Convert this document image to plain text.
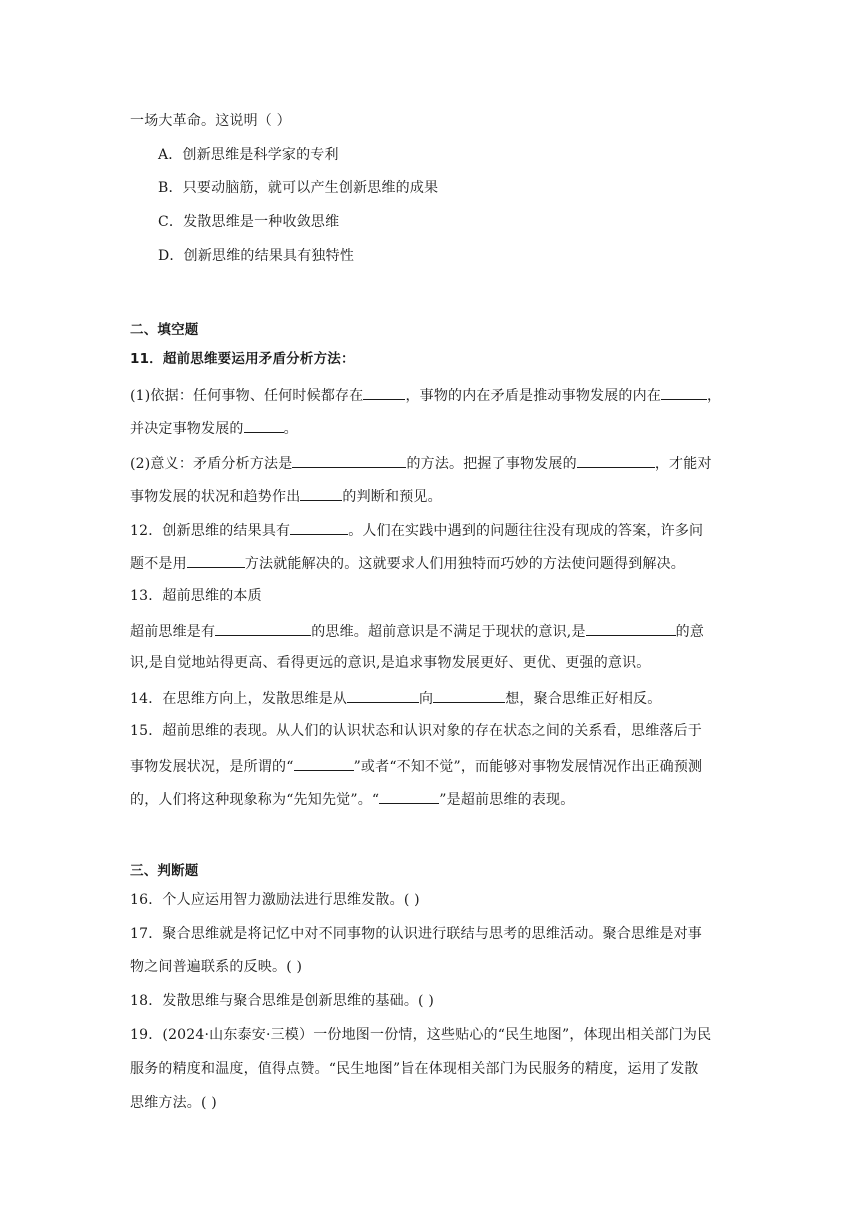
一场大革命。这说明（ ）
A．创新思维是科学家的专利
B．只要动脑筋，就可以产生创新思维的成果
C．发散思维是一种收敛思维
D．创新思维的结果具有独特性
二、填空题
11．超前思维要运用矛盾分析方法：
(1)依据：任何事物、任何时候都存在	，事物的内在矛盾是推动事物发展的内在	，
并决定事物发展的	。
(2)意义：矛盾分析方法是	的方法。把握了事物发展的	，才能对
事物发展的状况和趋势作出	的判断和预见。
12．创新思维的结果具有	。人们在实践中遇到的问题往往没有现成的答案，许多问
题不是用	方法就能解决的。这就要求人们用独特而巧妙的方法使问题得到解决。
13．超前思维的本质
超前思维是有	的思维。超前意识是不满足于现状的意识,是	的意
识,是自觉地站得更高、看得更远的意识,是追求事物发展更好、更优、更强的意识。
14．在思维方向上，发散思维是从	向	想，聚合思维正好相反。
15．超前思维的表现。从人们的认识状态和认识对象的存在状态之间的关系看，思维落后于
事物发展状况，是所谓的“	”或者“不知不觉”，而能够对事物发展情况作出正确预测
的，人们将这种现象称为“先知先觉”。“	”是超前思维的表现。
三、判断题
16．个人应运用智力激励法进行思维发散。( )
17．聚合思维就是将记忆中对不同事物的认识进行联结与思考的思维活动。聚合思维是对事
物之间普遍联系的反映。( )
18．发散思维与聚合思维是创新思维的基础。( )
19．(2024·山东泰安·三模）一份地图一份情，这些贴心的“民生地图”，体现出相关部门为民
服务的精度和温度，值得点赞。“民生地图”旨在体现相关部门为民服务的精度，运用了发散
思维方法。( )
